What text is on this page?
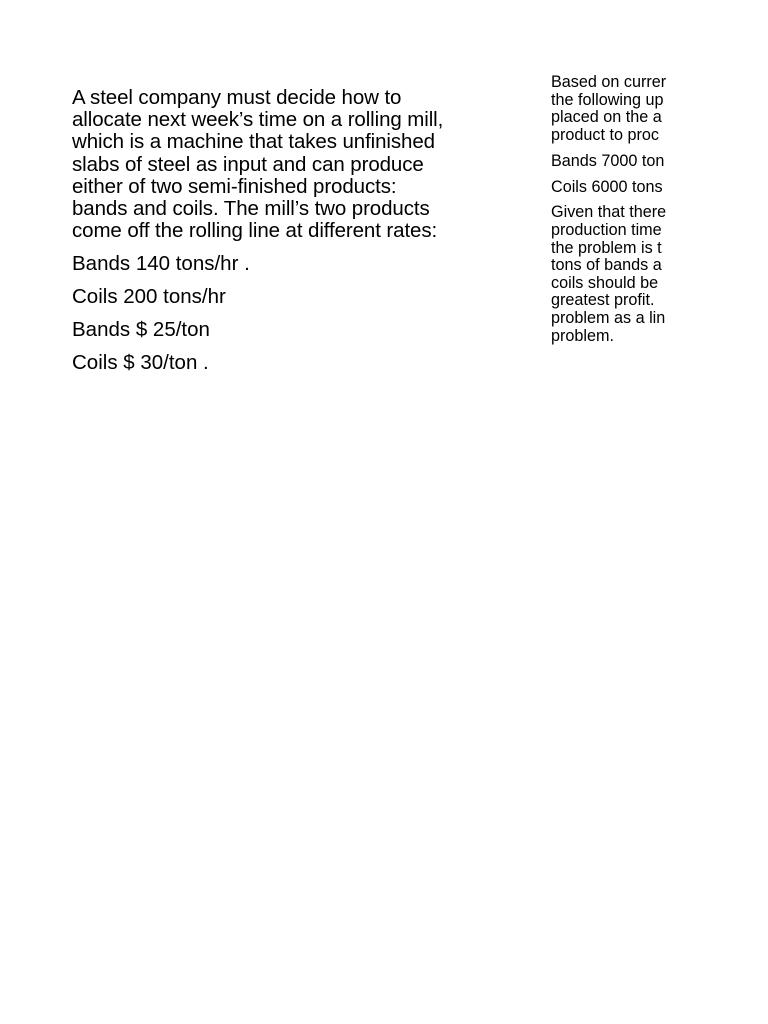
A steel company must decide how to
allocate next week’s time on a rolling mill,
which is a machine that takes unfinished
slabs of steel as input and can produce
either of two semi-finished products:
bands and coils. The mill’s two products
come off the rolling line at different rates:

Bands 140 tons/hr .

Coils 200 tons/hr

Bands $ 25/ton

Coils $ 30/ton .

Based on currer
the following up
placed on the a
product to proc

Bands 7000 ton

Coils 6000 tons

Given that there
production time
the problem is t
tons of bands a
coils should be
greatest profit.
problem as a lin
problem.
